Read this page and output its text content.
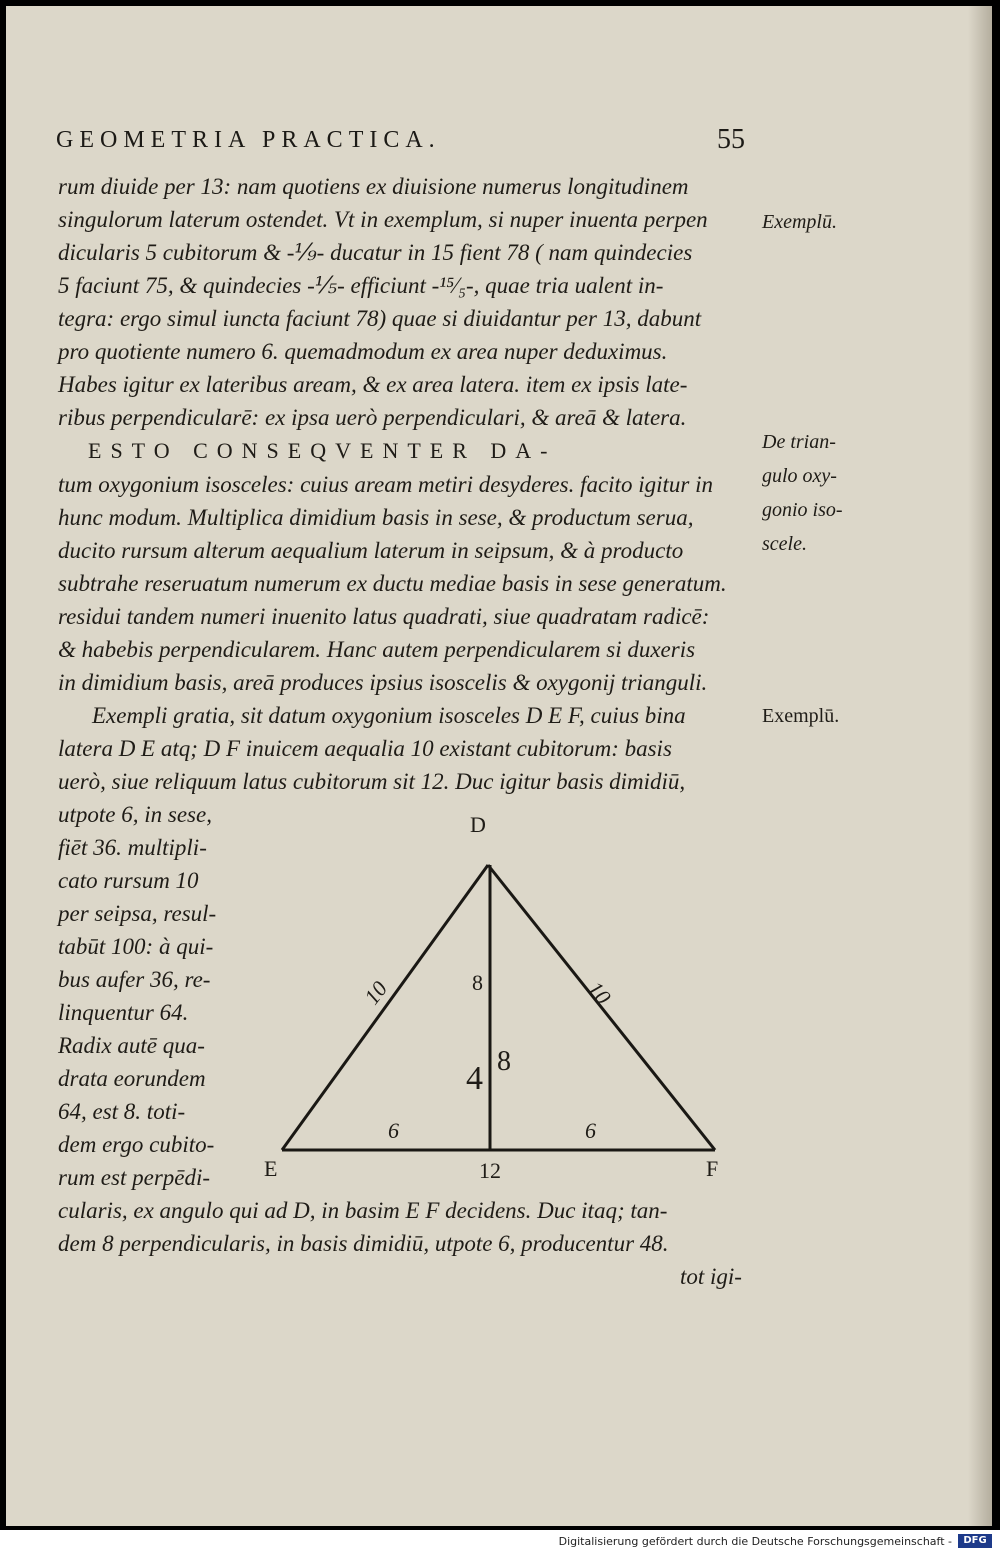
GEOMETRIA PRACTICA.	55
rum diuide per 13: nam quotiens ex diuisione numerus longitudinem
singulorum laterum ostendet. Vt in exemplum, si nuper inuenta perpen
dicularis 5 cubitorum & -⅑- ducatur in 15 fient 78 ( nam quindecies
5 faciunt 75, & quindecies -⅕- efficiunt -¹⁵⁄₅-, quae tria ualent in-
tegra: ergo simul iuncta faciunt 78) quae si diuidantur per 13, dabunt
pro quotiente numero 6. quemadmodum ex area nuper deduximus.
Habes igitur ex lateribus aream, & ex area latera. item ex ipsis late-
ribus perpendicularē: ex ipsa uerò perpendiculari, & areā & latera.
ESTO CONSEQVENTER DA-
tum oxygonium isosceles: cuius aream metiri desyderes. facito igitur in
hunc modum. Multiplica dimidium basis in sese, & productum serua,
ducito rursum alterum aequalium laterum in seipsum, & à producto
subtrahe reseruatum numerum ex ductu mediae basis in sese generatum.
residui tandem numeri inuenito latus quadrati, siue quadratam radicē:
& habebis perpendicularem. Hanc autem perpendicularem si duxeris
in dimidium basis, areā produces ipsius isoscelis & oxygonij trianguli.
Exempli gratia, sit datum oxygonium isosceles D E F, cuius bina
latera D E atq; D F inuicem aequalia 10 existant cubitorum: basis
uerò, siue reliquum latus cubitorum sit 12. Duc igitur basis dimidiū,
utpote 6, in sese,
fiēt 36. multipli-
cato rursum 10
per seipsa, resul-
tabūt 100: à qui-
bus aufer 36, re-
linquentur 64.
Radix autē qua-
drata eorundem
64, est 8. toti-
dem ergo cubito-
rum est perpēdi-
cularis, ex angulo qui ad D, in basim E F decidens. Duc itaq; tan-
dem 8 perpendicularis, in basis dimidiū, utpote 6, producentur 48.
tot igi-
Exemplū.
De trian-
gulo oxy-
gonio iso-
scele.
Exemplū.
D
E	F
10	10
8
4 8
6	6
12
Digitalisierung gefördert durch die Deutsche Forschungsgemeinschaft -	DFG
